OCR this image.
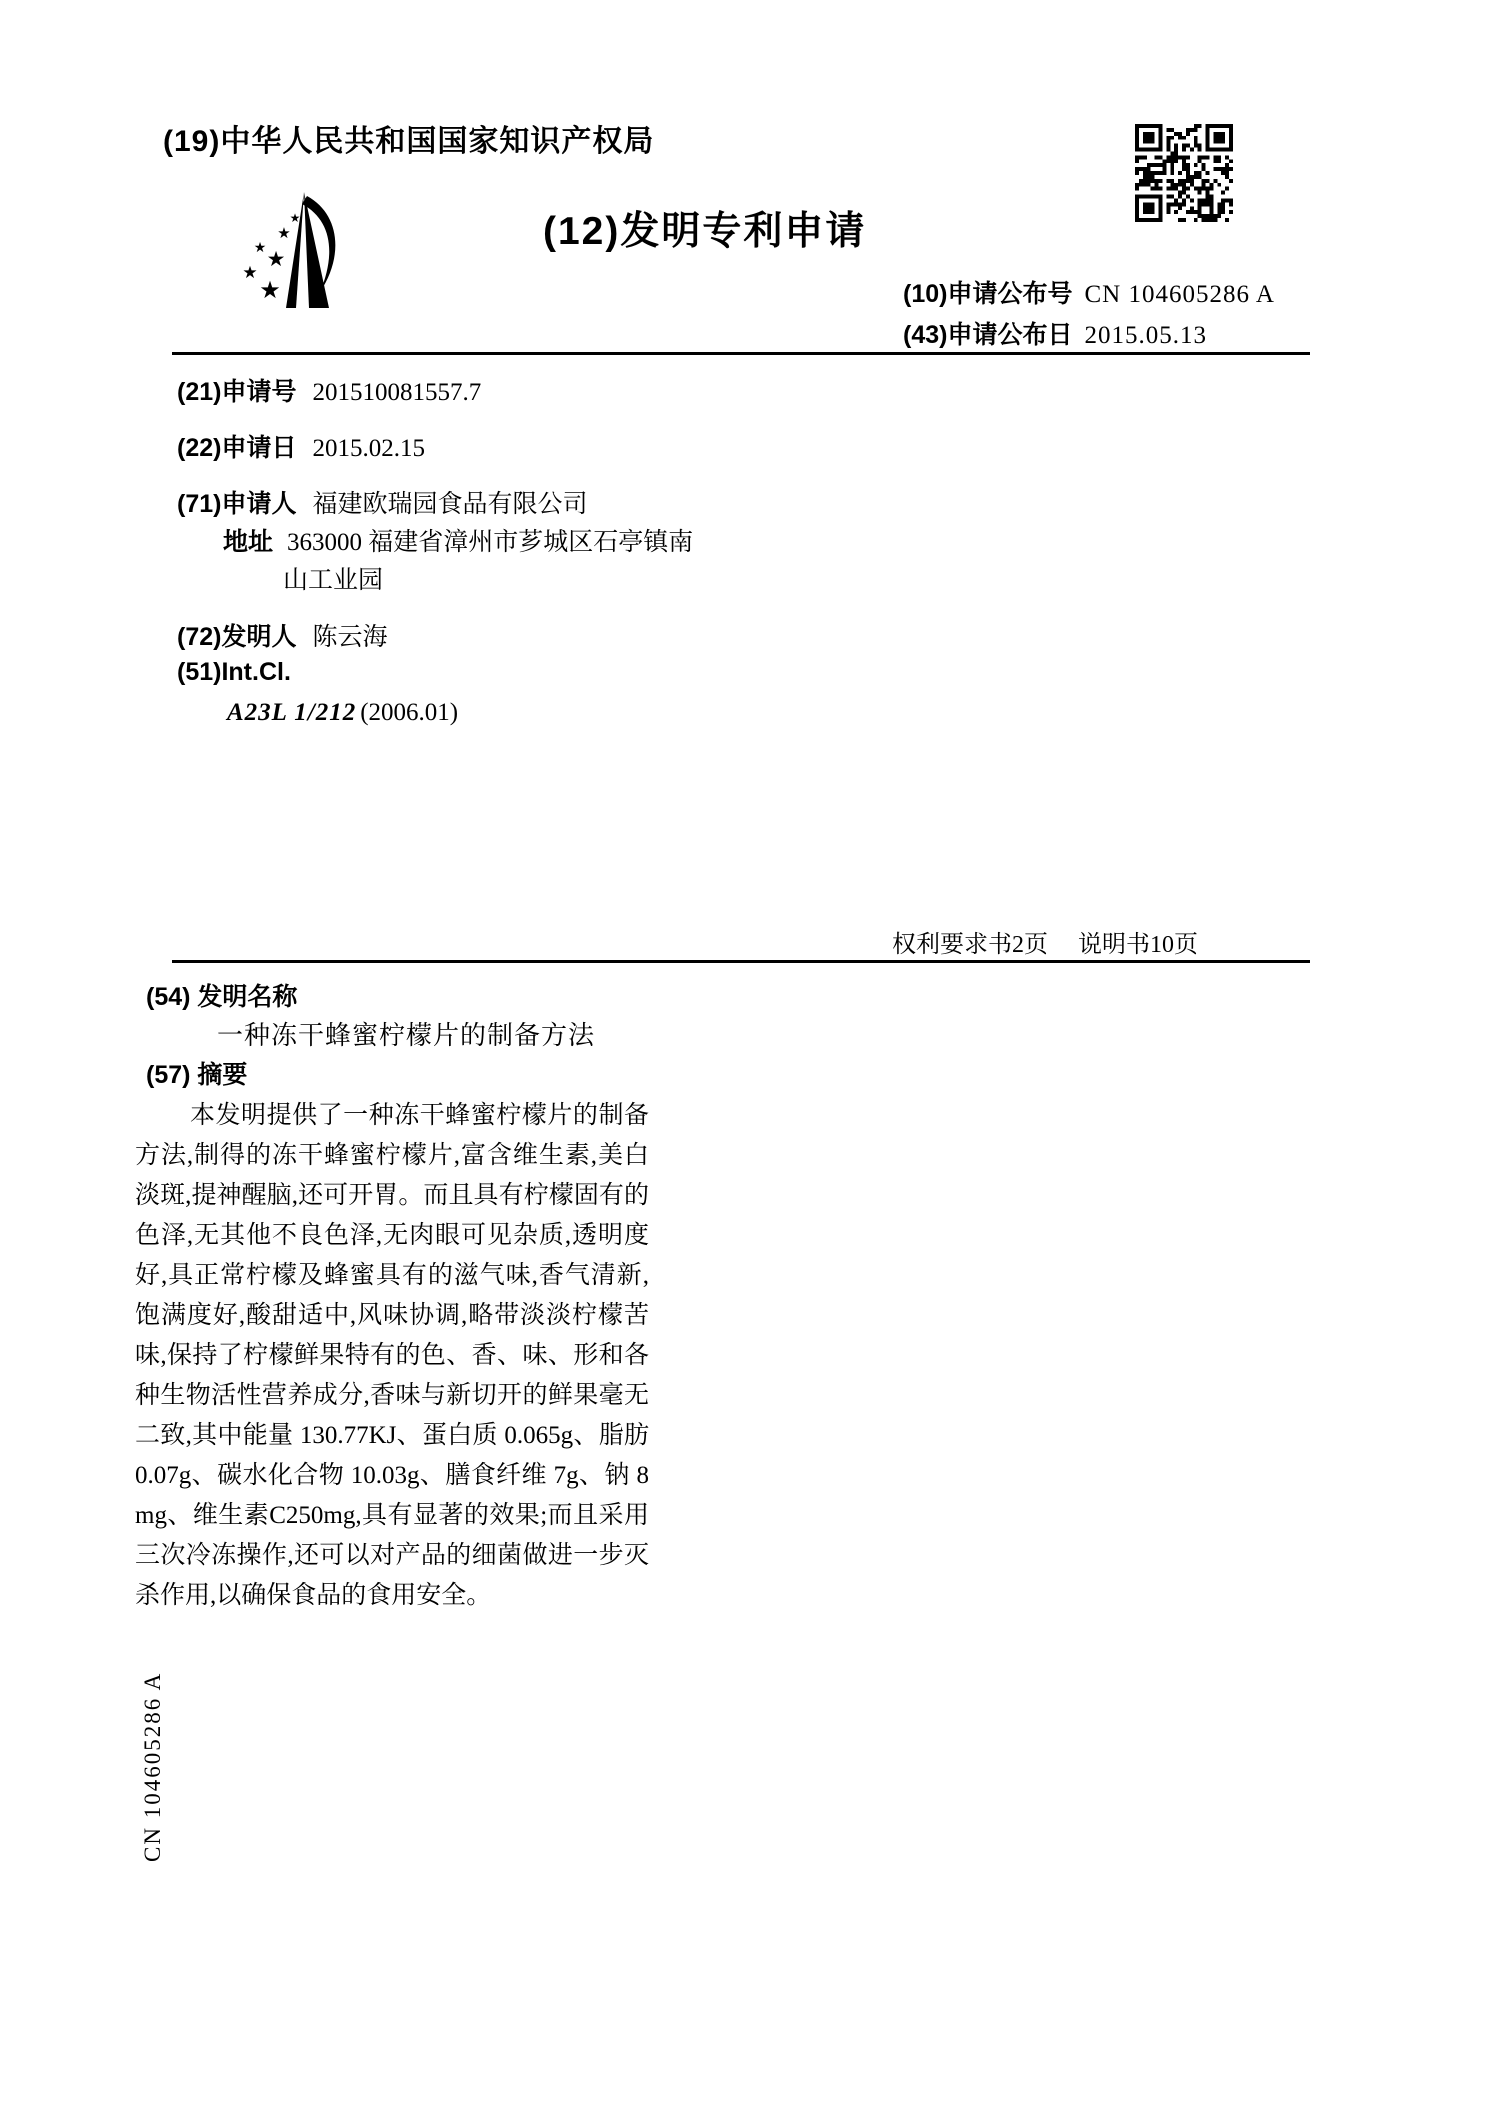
(19)中华人民共和国国家知识产权局
★
★
★
★
★
★	(12)发明专利申请
(10)申请公布号 CN 104605286 A
(43)申请公布日 2015.05.13
(21)申请号 201510081557.7
(22)申请日 2015.02.15
(71)申请人 福建欧瑞园食品有限公司
地址 363000 福建省漳州市芗城区石亭镇南
山工业园
(72)发明人 陈云海
(51)Int.Cl.
A23L 1/212 (2006.01)
权利要求书2页 说明书10页
(54) 发明名称
一种冻干蜂蜜柠檬片的制备方法
(57) 摘要
本发明提供了一种冻干蜂蜜柠檬片的制备方法,制得的冻干蜂蜜柠檬片,富含维生素,美白淡斑,提神醒脑,还可开胃。而且具有柠檬固有的色泽,无其他不良色泽,无肉眼可见杂质,透明度好,具正常柠檬及蜂蜜具有的滋气味,香气清新,饱满度好,酸甜适中,风味协调,略带淡淡柠檬苦味,保持了柠檬鲜果特有的色、香、味、形和各种生物活性营养成分,香味与新切开的鲜果毫无二致,其中能量 130.77KJ、蛋白质 0.065g、脂肪 0.07g、碳水化合物 10.03g、膳食纤维 7g、钠 8mg、维生素C250mg,具有显著的效果;而且采用三次冷冻操作,还可以对产品的细菌做进一步灭杀作用,以确保食品的食用安全。
CN 104605286 A
